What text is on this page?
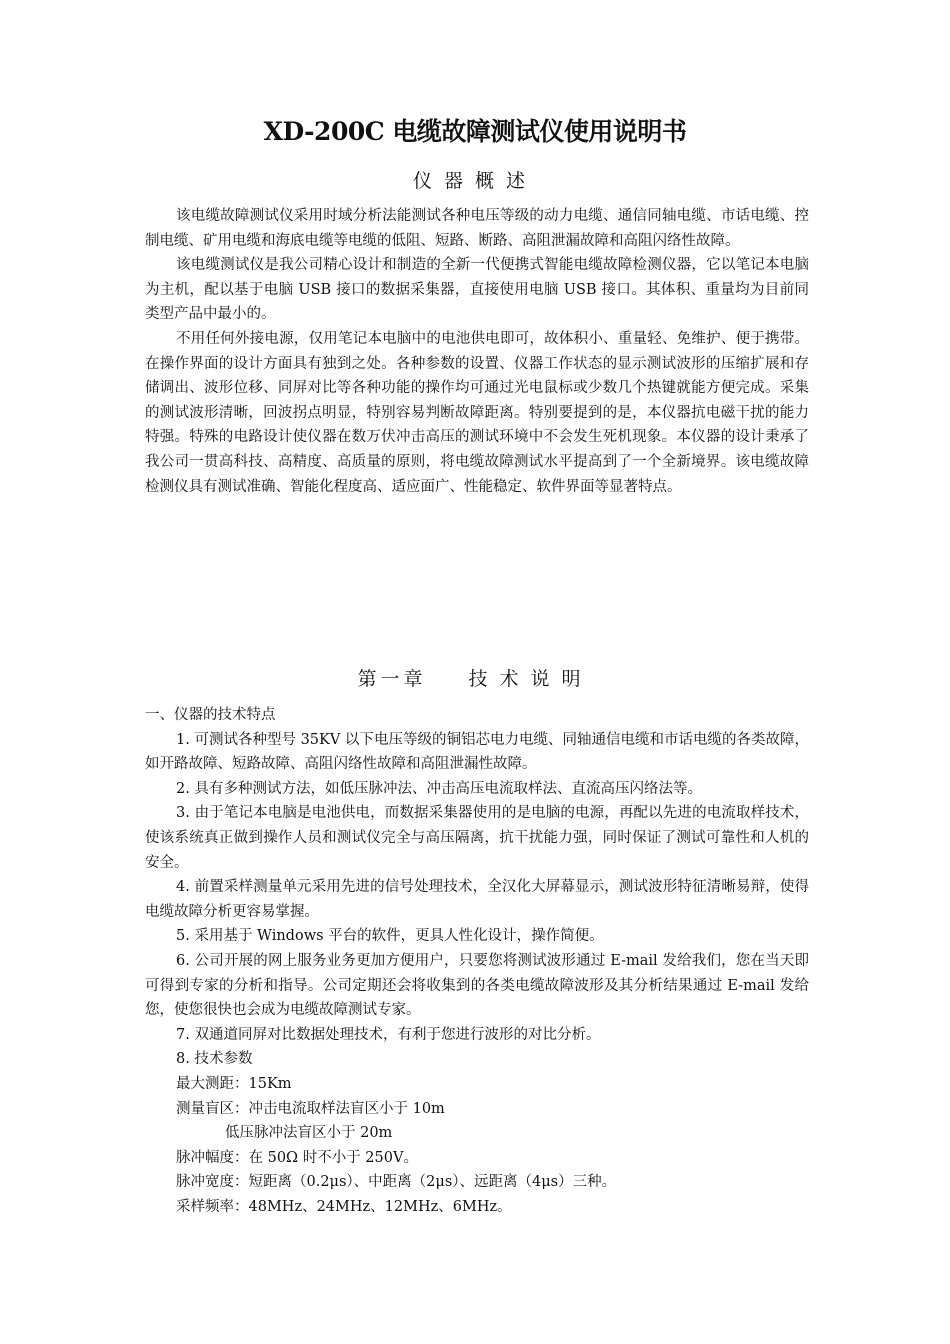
XD-200C 电缆故障测试仪使用说明书
仪器概述

该电缆故障测试仪采用时域分析法能测试各种电压等级的动力电缆、通信同轴电缆、市话电缆、控制电缆、矿用电缆和海底电缆等电缆的低阻、短路、断路、高阻泄漏故障和高阻闪络性故障。

该电缆测试仪是我公司精心设计和制造的全新一代便携式智能电缆故障检测仪器，它以笔记本电脑为主机，配以基于电脑 USB 接口的数据采集器，直接使用电脑 USB 接口。其体积、重量均为目前同类型产品中最小的。

不用任何外接电源，仅用笔记本电脑中的电池供电即可，故体积小、重量轻、免维护、便于携带。在操作界面的设计方面具有独到之处。各种参数的设置、仪器工作状态的显示测试波形的压缩扩展和存储调出、波形位移、同屏对比等各种功能的操作均可通过光电鼠标或少数几个热键就能方便完成。采集的测试波形清晰，回波拐点明显，特别容易判断故障距离。特别要提到的是，本仪器抗电磁干扰的能力特强。特殊的电路设计使仪器在数万伏冲击高压的测试环境中不会发生死机现象。本仪器的设计秉承了我公司一贯高科技、高精度、高质量的原则，将电缆故障测试水平提高到了一个全新境界。该电缆故障检测仪具有测试准确、智能化程度高、适应面广、性能稳定、软件界面等显著特点。

第一章 技术说明

一、仪器的技术特点

1. 可测试各种型号 35KV 以下电压等级的铜铝芯电力电缆、同轴通信电缆和市话电缆的各类故障，如开路故障、短路故障、高阻闪络性故障和高阻泄漏性故障。

2. 具有多种测试方法，如低压脉冲法、冲击高压电流取样法、直流高压闪络法等。

3. 由于笔记本电脑是电池供电，而数据采集器使用的是电脑的电源，再配以先进的电流取样技术，使该系统真正做到操作人员和测试仪完全与高压隔离，抗干扰能力强，同时保证了测试可靠性和人机的安全。

4. 前置采样测量单元采用先进的信号处理技术，全汉化大屏幕显示，测试波形特征清晰易辩，使得电缆故障分析更容易掌握。

5. 采用基于 Windows 平台的软件，更具人性化设计，操作简便。

6. 公司开展的网上服务业务更加方便用户，只要您将测试波形通过 E-mail 发给我们，您在当天即可得到专家的分析和指导。公司定期还会将收集到的各类电缆故障波形及其分析结果通过 E-mail 发给您，使您很快也会成为电缆故障测试专家。

7. 双通道同屏对比数据处理技术，有利于您进行波形的对比分析。

8. 技术参数

最大测距：15Km

测量盲区：冲击电流取样法盲区小于 10m

低压脉冲法盲区小于 20m

脉冲幅度：在 50Ω 时不小于 250V。

脉冲宽度：短距离（0.2μs）、中距离（2μs）、远距离（4μs）三种。

采样频率：48MHz、24MHz、12MHz、6MHz。
